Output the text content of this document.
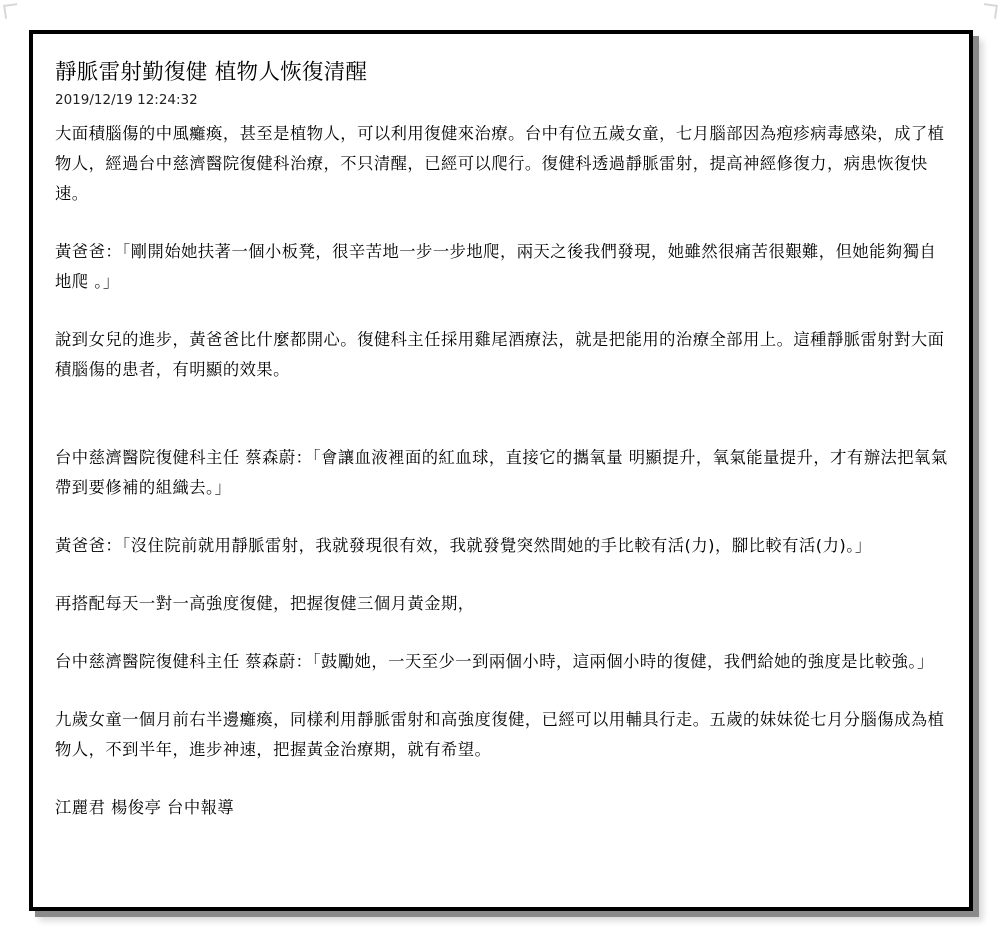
靜脈雷射勤復健 植物人恢復清醒
2019/12/19 12:24:32

大面積腦傷的中風癱瘓，甚至是植物人，可以利用復健來治療。台中有位五歲女童，七月腦部因為疱疹病毒感染，成了植物人，經過台中慈濟醫院復健科治療，不只清醒，已經可以爬行。復健科透過靜脈雷射，提高神經修復力，病患恢復快速。

黃爸爸：「剛開始她扶著一個小板凳，很辛苦地一步一步地爬，兩天之後我們發現，她雖然很痛苦很艱難，但她能夠獨自地爬 。」

說到女兒的進步，黃爸爸比什麼都開心。復健科主任採用雞尾酒療法，就是把能用的治療全部用上。這種靜脈雷射對大面積腦傷的患者，有明顯的效果。

台中慈濟醫院復健科主任 蔡森蔚：「會讓血液裡面的紅血球，直接它的攜氧量 明顯提升，氧氣能量提升，才有辦法把氧氣帶到要修補的組織去。」

黃爸爸：「沒住院前就用靜脈雷射，我就發現很有效，我就發覺突然間她的手比較有活(力)，腳比較有活(力)。」

再搭配每天一對一高強度復健，把握復健三個月黃金期，

台中慈濟醫院復健科主任 蔡森蔚：「鼓勵她，一天至少一到兩個小時，這兩個小時的復健，我們給她的強度是比較強。」

九歲女童一個月前右半邊癱瘓，同樣利用靜脈雷射和高強度復健，已經可以用輔具行走。五歲的妹妹從七月分腦傷成為植物人，不到半年，進步神速，把握黃金治療期，就有希望。

江麗君 楊俊亭 台中報導
